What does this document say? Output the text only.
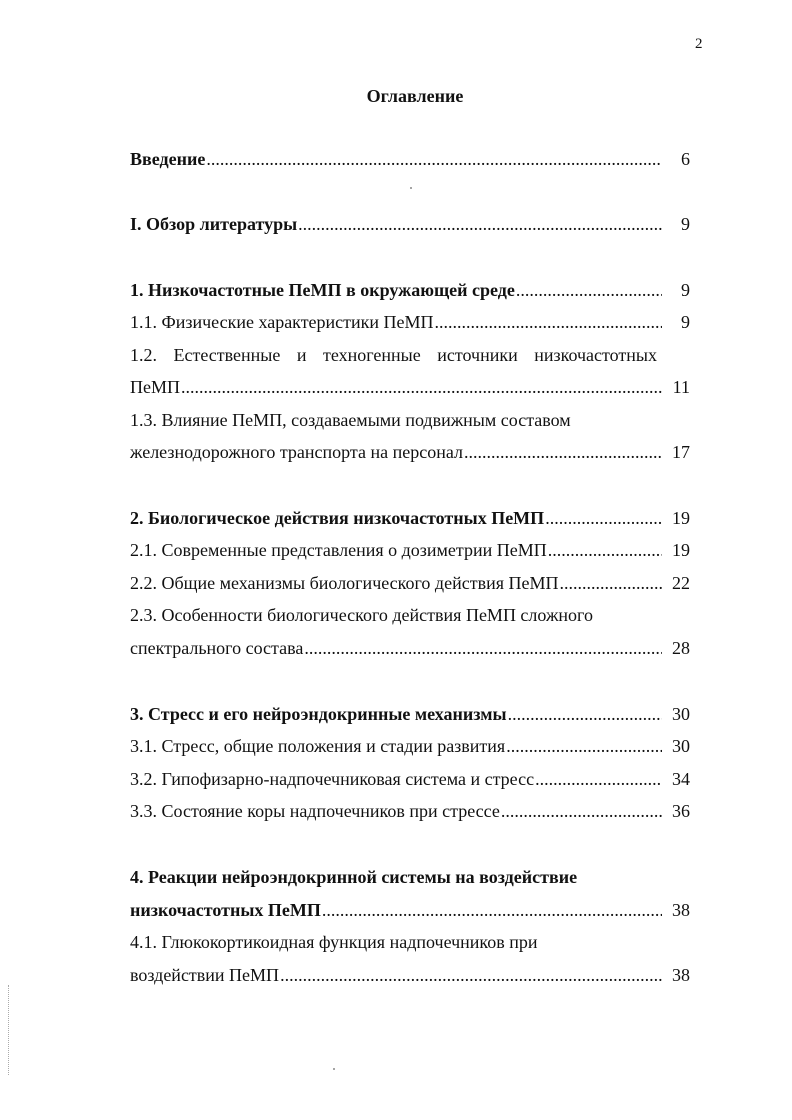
2
Оглавление
Введение .....	6
I. Обзор литературы .....	9
1. Низкочастотные ПеМП в окружающей среде .....	9
1.1. Физические характеристики ПеМП .....	9
1.2. Естественные и техногенные источники низкочастотных
ПеМП .....	11
1.3. Влияние ПеМП, создаваемыми подвижным составом
железнодорожного транспорта на персонал .....	17
2. Биологическое действия низкочастотных ПеМП .....	19
2.1. Современные представления о дозиметрии ПеМП .....	19
2.2. Общие механизмы биологического действия ПеМП .....	22
2.3. Особенности биологического действия ПеМП сложного
спектрального состава .....	28
3. Стресс и его нейроэндокринные механизмы .....	30
3.1. Стресс, общие положения и стадии развития .....	30
3.2. Гипофизарно-надпочечниковая система и стресс .....	34
3.3. Состояние коры надпочечников при стрессе .....	36
4. Реакции нейроэндокринной системы на воздействие
низкочастотных ПеМП .....	38
4.1. Глюкокортикоидная функция надпочечников при
воздействии ПеМП .....	38
